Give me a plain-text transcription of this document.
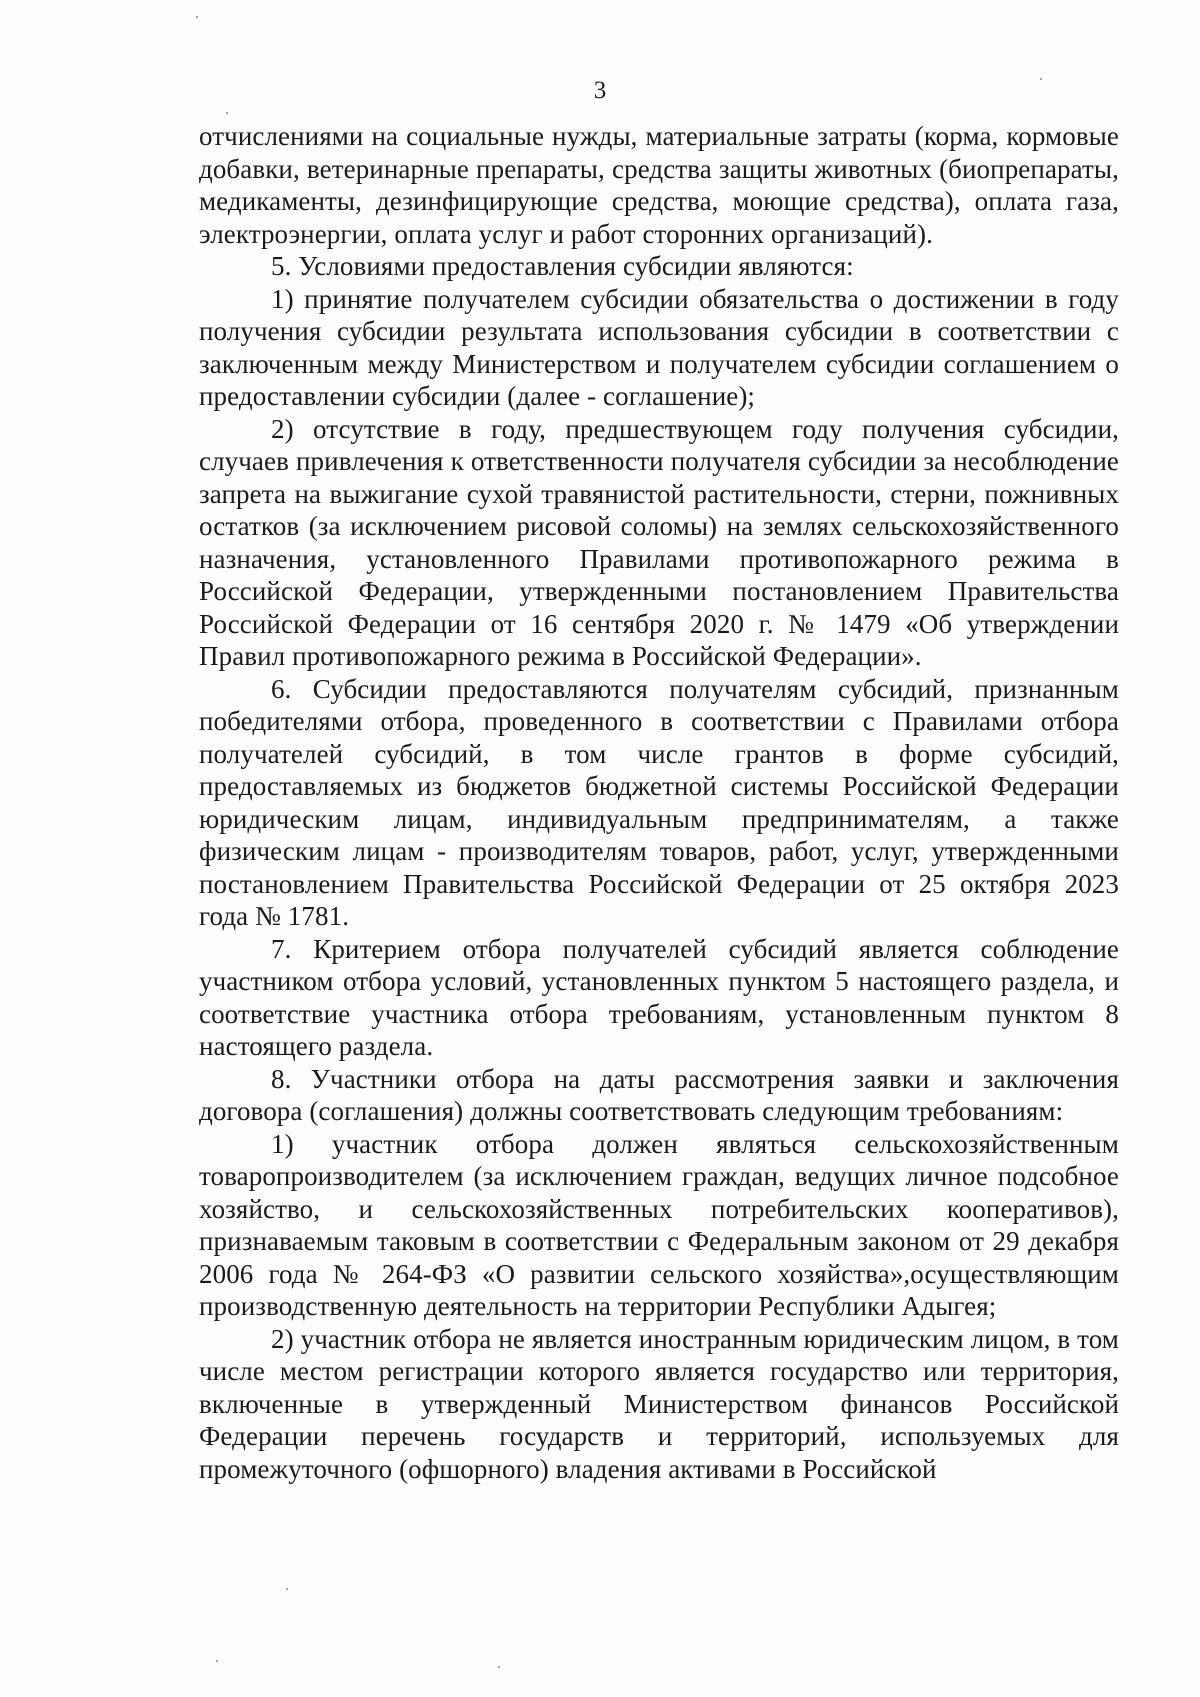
3

отчислениями на социальные нужды, материальные затраты (корма, кормовые добавки, ветеринарные препараты, средства защиты животных (биопрепараты, медикаменты, дезинфицирующие средства, моющие средства), оплата газа, электроэнергии, оплата услуг и работ сторонних организаций).

5. Условиями предоставления субсидии являются:

1) принятие получателем субсидии обязательства о достижении в году получения субсидии результата использования субсидии в соответствии с заключенным между Министерством и получателем субсидии соглашением о предоставлении субсидии (далее - соглашение);

2) отсутствие в году, предшествующем году получения субсидии, случаев привлечения к ответственности получателя субсидии за несоблюдение запрета на выжигание сухой травянистой растительности, стерни, пожнивных остатков (за исключением рисовой соломы) на землях сельскохозяйственного назначения, установленного Правилами противопожарного режима в Российской Федерации, утвержденными постановлением Правительства Российской Федерации от 16 сентября 2020 г. № 1479 «Об утверждении Правил противопожарного режима в Российской Федерации».

6. Субсидии предоставляются получателям субсидий, признанным победителями отбора, проведенного в соответствии с Правилами отбора получателей субсидий, в том числе грантов в форме субсидий, предоставляемых из бюджетов бюджетной системы Российской Федерации юридическим лицам, индивидуальным предпринимателям, а также физическим лицам - производителям товаров, работ, услуг, утвержденными постановлением Правительства Российской Федерации от 25 октября 2023 года № 1781.

7. Критерием отбора получателей субсидий является соблюдение участником отбора условий, установленных пунктом 5 настоящего раздела, и соответствие участника отбора требованиям, установленным пунктом 8 настоящего раздела.

8. Участники отбора на даты рассмотрения заявки и заключения договора (соглашения) должны соответствовать следующим требованиям:

1) участник отбора должен являться сельскохозяйственным товаропроизводителем (за исключением граждан, ведущих личное подсобное хозяйство, и сельскохозяйственных потребительских кооперативов), признаваемым таковым в соответствии с Федеральным законом от 29 декабря 2006 года № 264-ФЗ «О развитии сельского хозяйства»,осуществляющим производственную деятельность на территории Республики Адыгея;

2) участник отбора не является иностранным юридическим лицом, в том числе местом регистрации которого является государство или территория, включенные в утвержденный Министерством финансов Российской Федерации перечень государств и территорий, используемых для промежуточного (офшорного) владения активами в Российской
